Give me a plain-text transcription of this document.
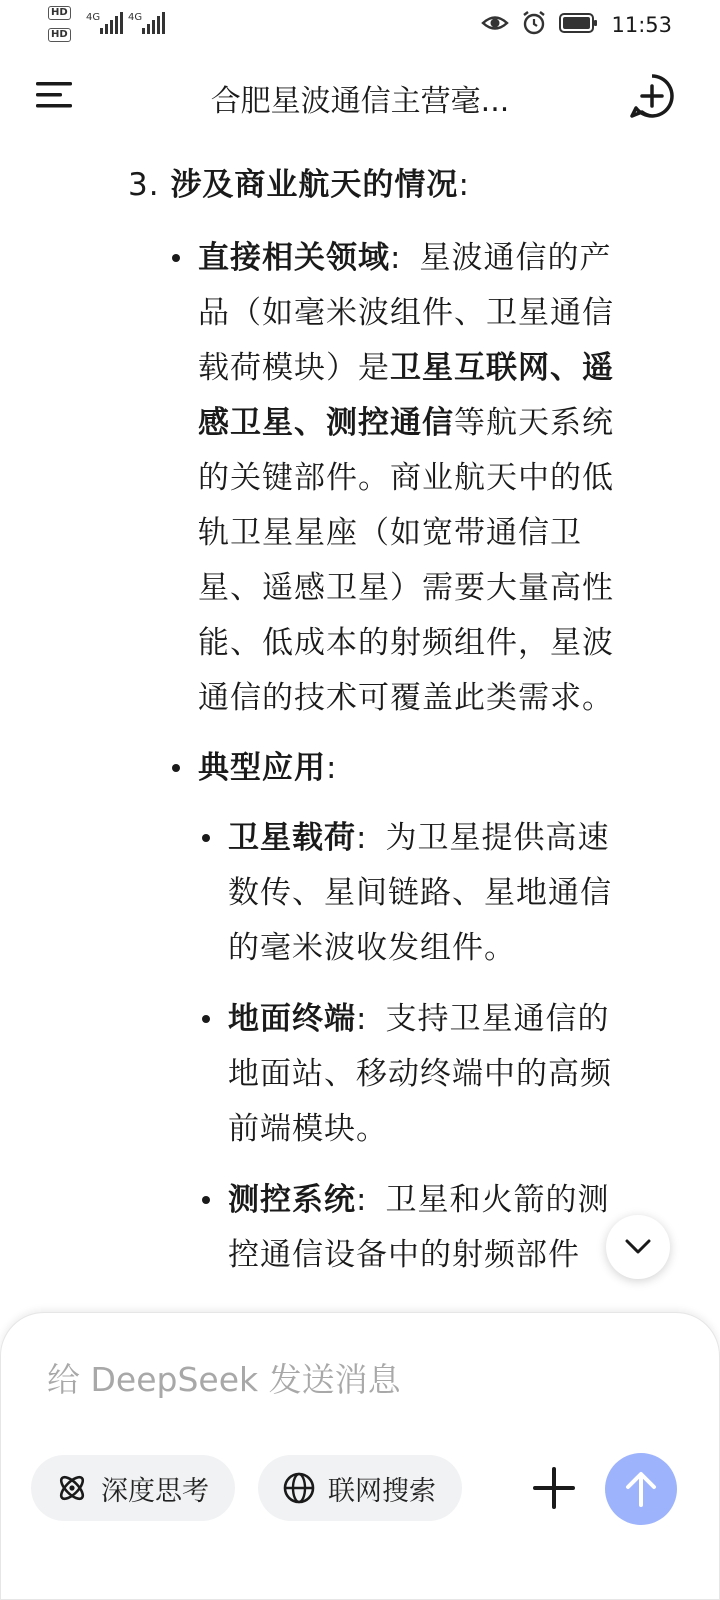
HD
HD
4G	4G	11:53
合肥星波通信主营毫...
3. 涉及商业航天的情况:
直接相关领域: 星波通信的产
品（如毫米波组件、卫星通信
载荷模块）是卫星互联网、遥
感卫星、测控通信等航天系统
的关键部件。商业航天中的低
轨卫星星座（如宽带通信卫
星、遥感卫星）需要大量高性
能、低成本的射频组件，星波
通信的技术可覆盖此类需求。
典型应用:
卫星载荷: 为卫星提供高速
数传、星间链路、星地通信
的毫米波收发组件。
地面终端: 支持卫星通信的
地面站、移动终端中的高频
前端模块。
测控系统: 卫星和火箭的测
控通信设备中的射频部件
给 DeepSeek 发送消息
深度思考	联网搜索
